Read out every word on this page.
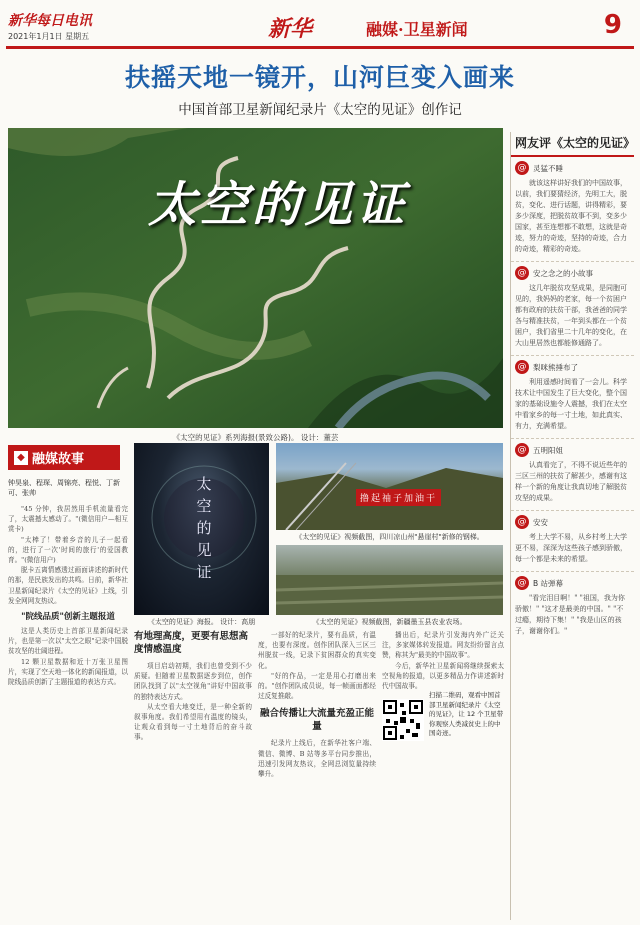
新华每日电讯
2021年1月1日 星期五	新华	融媒·卫星新闻	9
扶摇天地一镜开，山河巨变入画来
中国首部卫星新闻纪录片《太空的见证》创作记
太空的见证
《太空的见证》系列海报(景致公路)。 设计：董芸
网友评《太空的见证》
@ 灵猛不睡
就该这样讲好我们的中国故事，以前，我们要猜经济，先明工大，脱贫，变化、进行话题，讲得精彩，要多少深度，把脱贫故事不到，变多少国家，甚至连想都不敢想，这就是奇迹，努力的奇迹，坚持的奇迹，合力的奇迹，精彩的奇迹。
@ 安之念之的小故事
这几年脱贫攻坚成果，是同胞可见的，我妈妈的老家，每一个贫困户都有政府的扶贫干部，我爸爸的同学各与精准扶贫，一年到头都在一个贫困户，我们省里二十几年的变化，在大山里居然也都能修通路了。
@ 梨咪熊捶布了
利用遥感时间看了一会儿。科学技术让中国发生了巨大变化，整个国家的基础设施令人震撼，我们在太空中看家乡的每一寸土地，如此真实、有力，充满希望。
@ 五明阳姐
认真看完了，不得不说近些年的三区三州的扶贫了解甚少，感谢有这样一个新的角度让我真切地了解脱贫攻坚的成果。
@ 安安
考上大学不易，从乡村考上大学更不易，深深为这些孩子感到骄傲，每一个都是未来的希望。
@ B 站弹幕
"看完泪目啊！" "祖国，我为你骄傲！" "这才是最美的中国。" "不过瘾，期待下集！" "我是山区的孩子，谢谢你们。"
◆ 融媒故事
钟昊泉、程琛、周锦亮、程悦、丁新可、张帅

"45 分钟，我居然用手机流量看完了，太震撼太感动了。"(微信用户—相互赏卡)

"太棒了！带着乡音的儿子一起看的，进行了一次'时间的旅行'的爱国教育。"(微信用户)

脱卡五离情感透过画面讲述的新时代的那，是民族发出的共鸣。日前，新华社卫星新闻纪录片《太空的见证》上线，引发全网网友热议。

"院线品质"创新主题报道

这是人类历史上首部卫星新闻纪录片，也是第一次以"太空之眼"记录中国脱贫攻坚的壮阔进程。

12 颗卫星数据和近十万张卫星图片，实现了空天地一体化的新闻报道，以院线品质创新了主题报道的表达方式。

太空的见证
《太空的见证》海报。 设计：高朋
撸起袖子加油干
《太空的见证》视频截图，四川凉山州"悬崖村"新修的钢梯。
《太空的见证》视频截图，新疆墨玉县农业农场。
有地理高度，更要有思想高度情感温度

项目启动初期，我们也曾受到不少质疑。但随着卫星数据逐步到位，创作团队找到了以"太空视角"讲好中国故事的独特表达方式。

从太空看大地变迁，是一种全新的叙事角度。我们希望用有温度的镜头，让观众看到每一寸土地背后的奋斗故事。

一部好的纪录片，要有品质，有温度，也要有深度。创作团队深入三区三州脱贫一线，记录下贫困群众的真实变化。

"好的作品，一定是用心打磨出来的。"创作团队成员说，每一帧画面都经过反复推敲。

融合传播让大流量充盈正能量

纪录片上线后，在新华社客户端、微信、微博、B 站等多平台同步推出，迅速引发网友热议，全网总浏览量持续攀升。

播出后，纪录片引发海内外广泛关注，多家媒体转发报道。网友纷纷留言点赞，称其为"最美的中国故事"。

今后，新华社卫星新闻将继续探索太空视角的报道，以更多精品力作讲述新时代中国故事。

扫描二维码，观看中国首部卫星新闻纪录片《太空的见证》，让 12 个卫星带你观察人类减贫史上的中国奇迹。
